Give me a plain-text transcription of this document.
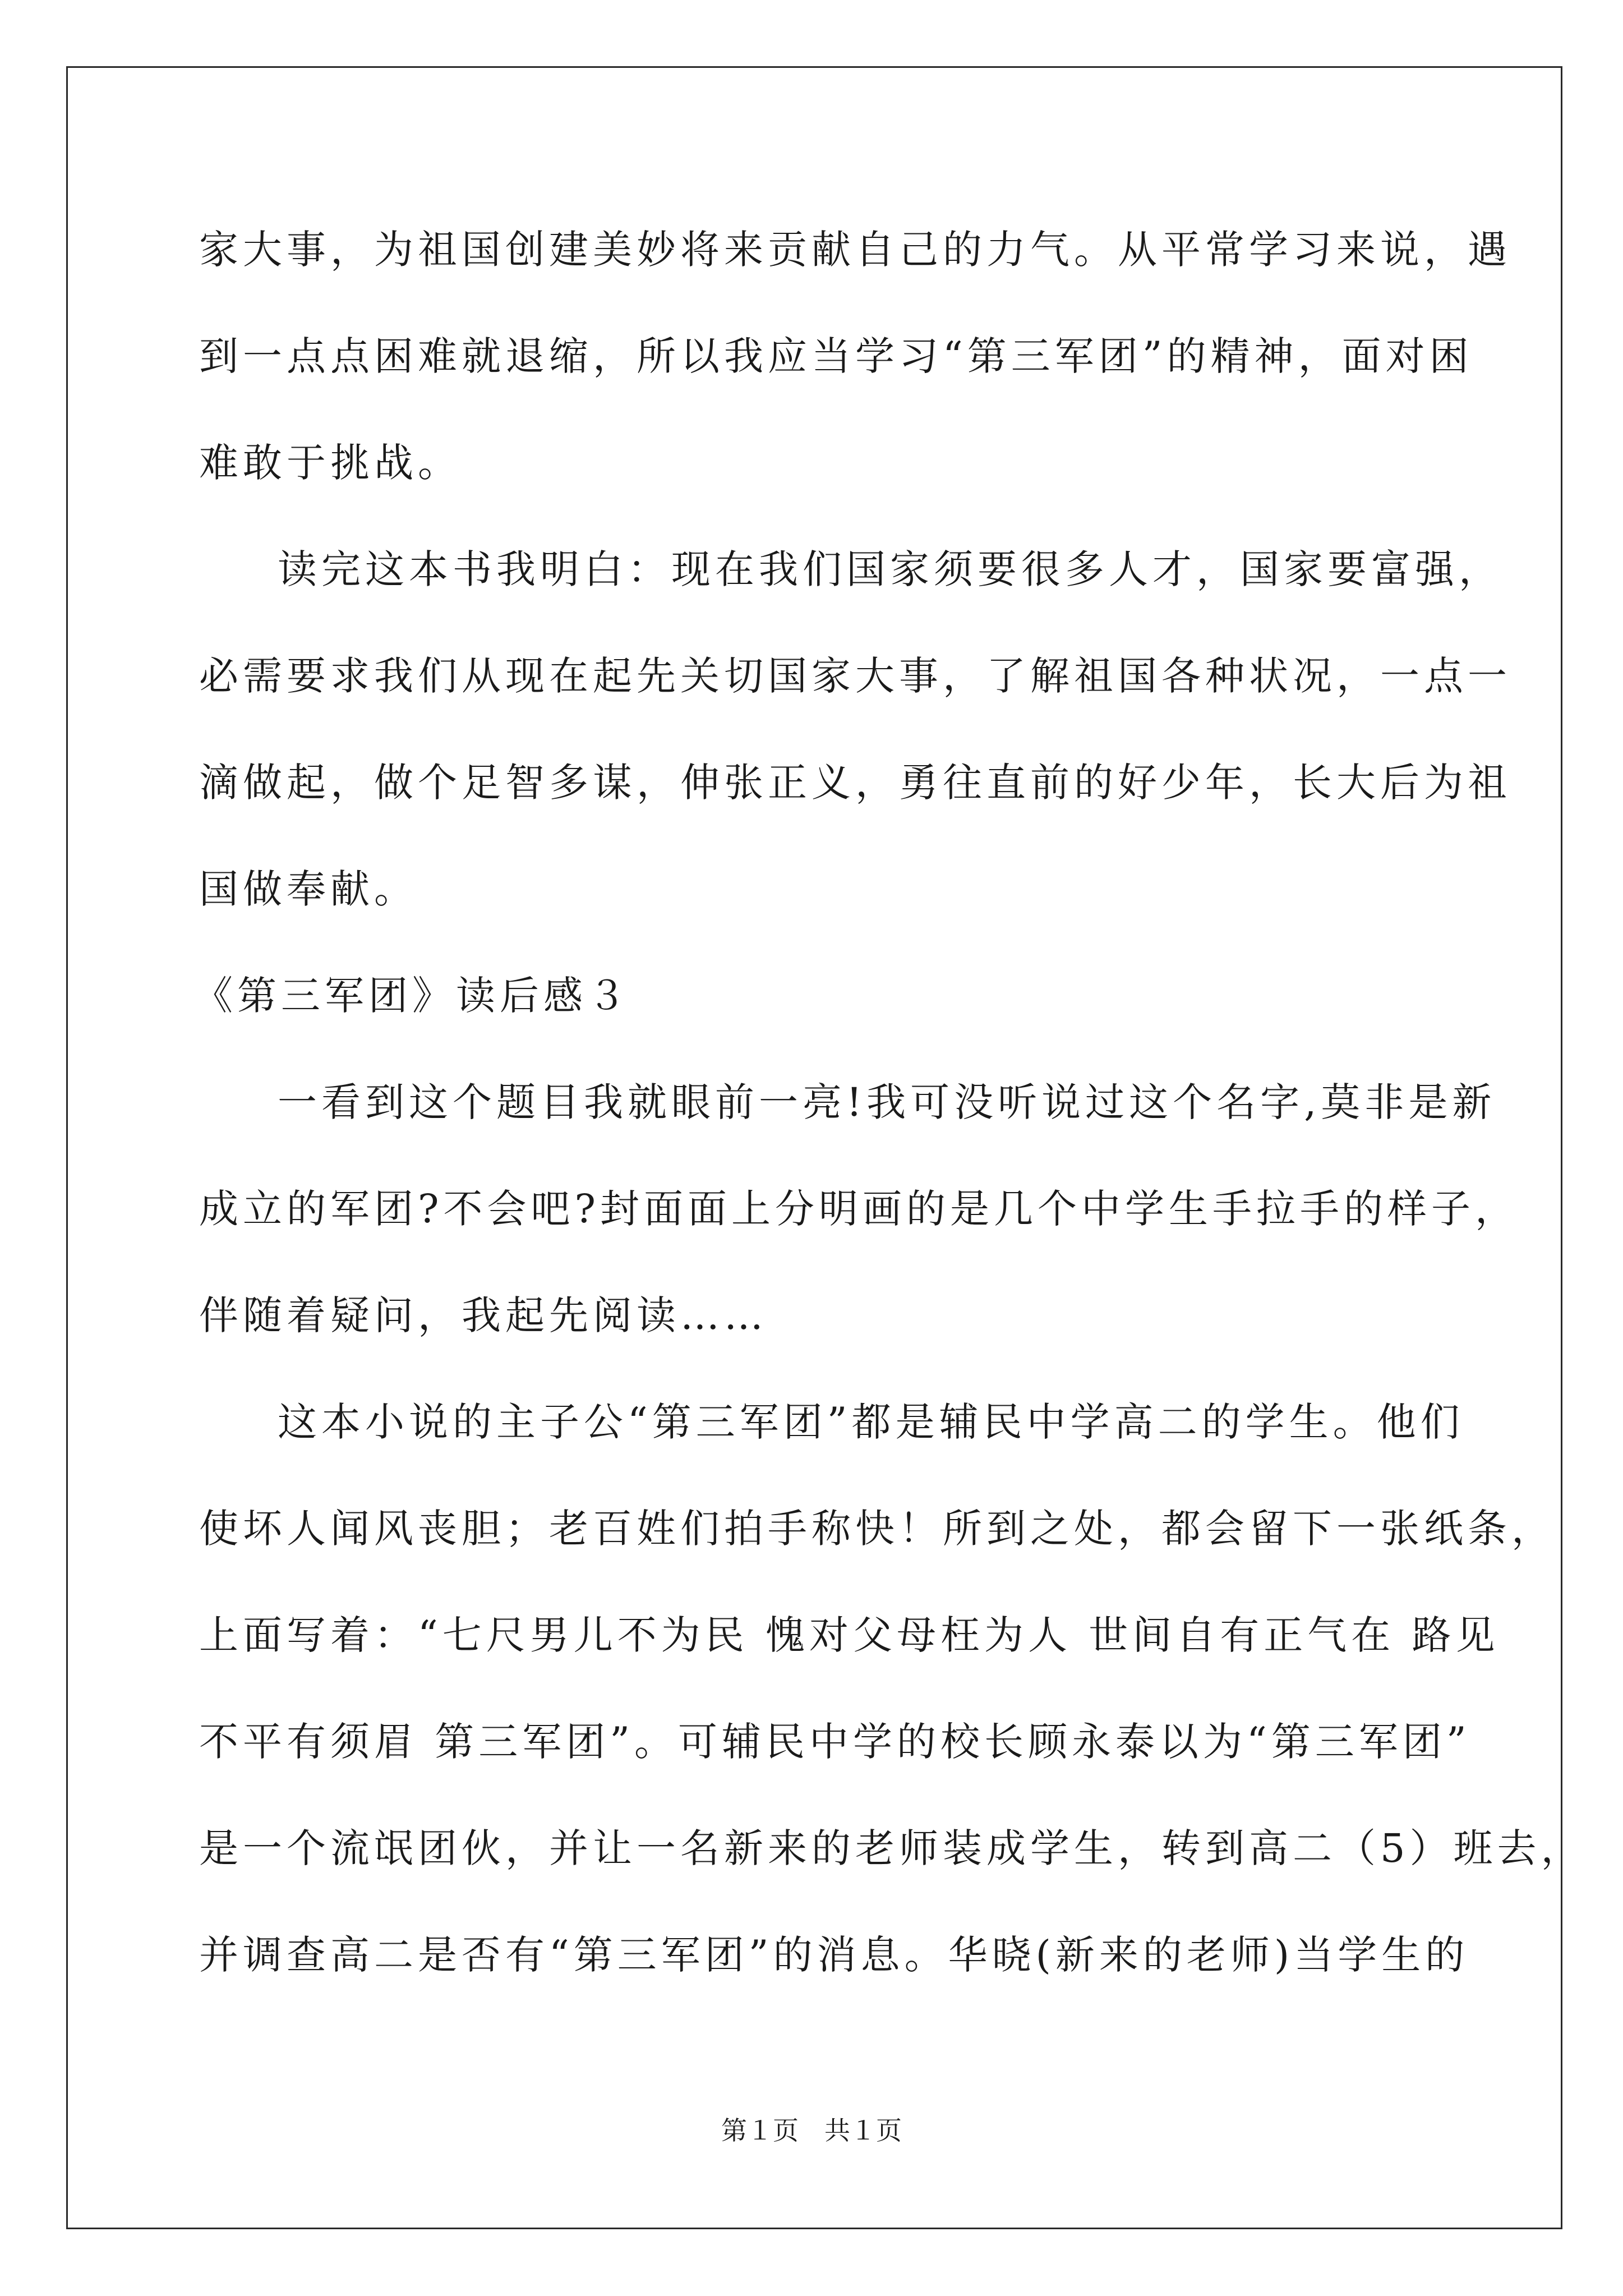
家大事，为祖国创建美妙将来贡献自己的力气。从平常学习来说，遇
到一点点困难就退缩，所以我应当学习“第三军团”的精神，面对困
难敢于挑战。
读完这本书我明白：现在我们国家须要很多人才，国家要富强，
必需要求我们从现在起先关切国家大事，了解祖国各种状况，一点一
滴做起，做个足智多谋，伸张正义，勇往直前的好少年，长大后为祖
国做奉献。
《第三军团》读后感３
一看到这个题目我就眼前一亮!我可没听说过这个名字,莫非是新
成立的军团?不会吧?封面面上分明画的是几个中学生手拉手的样子，
伴随着疑问，我起先阅读……
这本小说的主子公“第三军团”都是辅民中学高二的学生。他们
使坏人闻风丧胆；老百姓们拍手称快！所到之处，都会留下一张纸条，
上面写着：“七尺男儿不为民 愧对父母枉为人 世间自有正气在 路见
不平有须眉 第三军团”。可辅民中学的校长顾永泰以为“第三军团”
是一个流氓团伙，并让一名新来的老师装成学生，转到高二（5）班去，
并调查高二是否有“第三军团”的消息。华晓(新来的老师)当学生的
第１页　共１页
